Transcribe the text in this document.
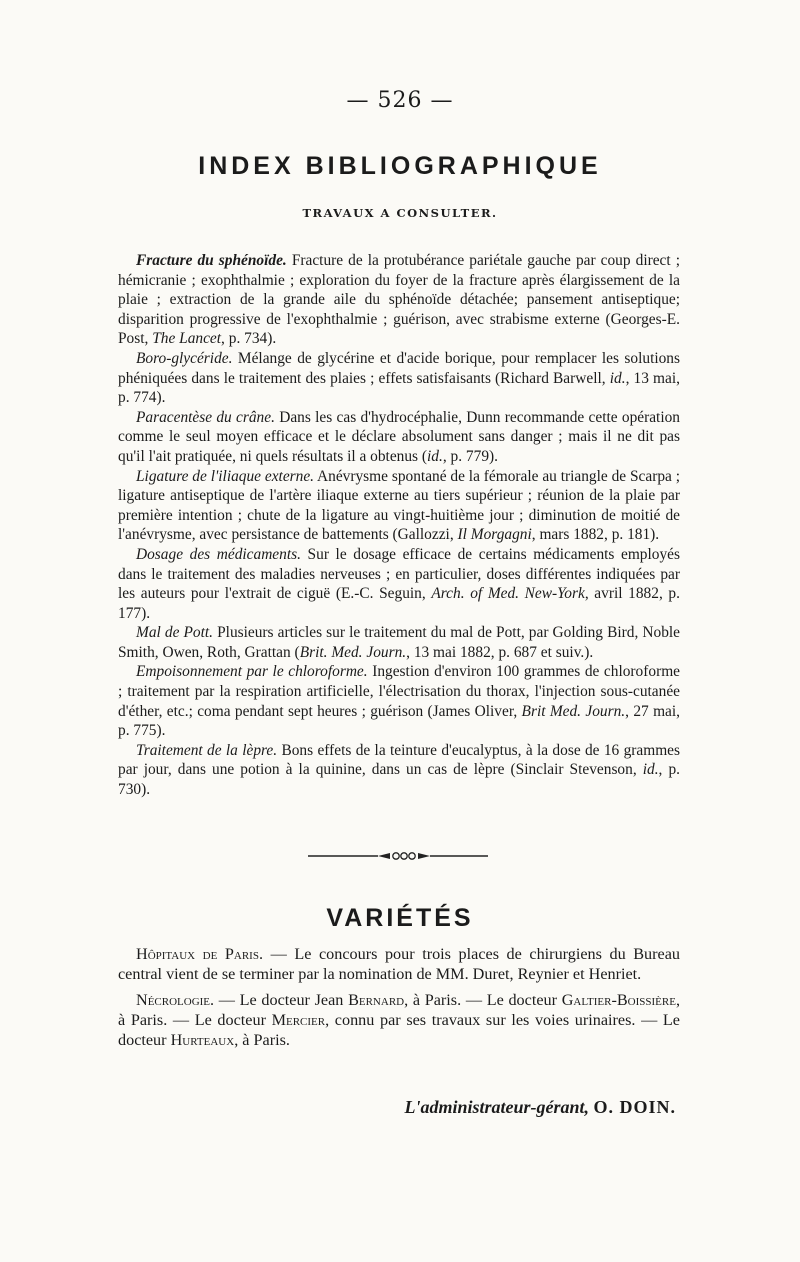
— 526 —
INDEX BIBLIOGRAPHIQUE
TRAVAUX A CONSULTER.

Fracture du sphénoïde. Fracture de la protubérance pariétale gauche par coup direct ; hémicranie ; exophthalmie ; exploration du foyer de la fracture après élargissement de la plaie ; extraction de la grande aile du sphénoïde détachée; pansement antiseptique; disparition progressive de l'exophthalmie ; guérison, avec strabisme externe (Georges-E. Post, The Lancet, p. 734).

Boro-glycéride. Mélange de glycérine et d'acide borique, pour remplacer les solutions phéniquées dans le traitement des plaies ; effets satisfaisants (Richard Barwell, id., 13 mai, p. 774).

Paracentèse du crâne. Dans les cas d'hydrocéphalie, Dunn recommande cette opération comme le seul moyen efficace et le déclare absolument sans danger ; mais il ne dit pas qu'il l'ait pratiquée, ni quels résultats il a obtenus (id., p. 779).

Ligature de l'iliaque externe. Anévrysme spontané de la fémorale au triangle de Scarpa ; ligature antiseptique de l'artère iliaque externe au tiers supérieur ; réunion de la plaie par première intention ; chute de la ligature au vingt-huitième jour ; diminution de moitié de l'anévrysme, avec persistance de battements (Gallozzi, Il Morgagni, mars 1882, p. 181).

Dosage des médicaments. Sur le dosage efficace de certains médicaments employés dans le traitement des maladies nerveuses ; en particulier, doses différentes indiquées par les auteurs pour l'extrait de ciguë (E.-C. Seguin, Arch. of Med. New-York, avril 1882, p. 177).

Mal de Pott. Plusieurs articles sur le traitement du mal de Pott, par Golding Bird, Noble Smith, Owen, Roth, Grattan (Brit. Med. Journ., 13 mai 1882, p. 687 et suiv.).

Empoisonnement par le chloroforme. Ingestion d'environ 100 grammes de chloroforme ; traitement par la respiration artificielle, l'électrisation du thorax, l'injection sous-cutanée d'éther, etc.; coma pendant sept heures ; guérison (James Oliver, Brit Med. Journ., 27 mai, p. 775).

Traitement de la lèpre. Bons effets de la teinture d'eucalyptus, à la dose de 16 grammes par jour, dans une potion à la quinine, dans un cas de lèpre (Sinclair Stevenson, id., p. 730).

VARIÉTÉS

Hôpitaux de Paris. — Le concours pour trois places de chirurgiens du Bureau central vient de se terminer par la nomination de MM. Duret, Reynier et Henriet.

Nécrologie. — Le docteur Jean Bernard, à Paris. — Le docteur Galtier-Boissière, à Paris. — Le docteur Mercier, connu par ses travaux sur les voies urinaires. — Le docteur Hurteaux, à Paris.

L'administrateur-gérant, O. DOIN.
